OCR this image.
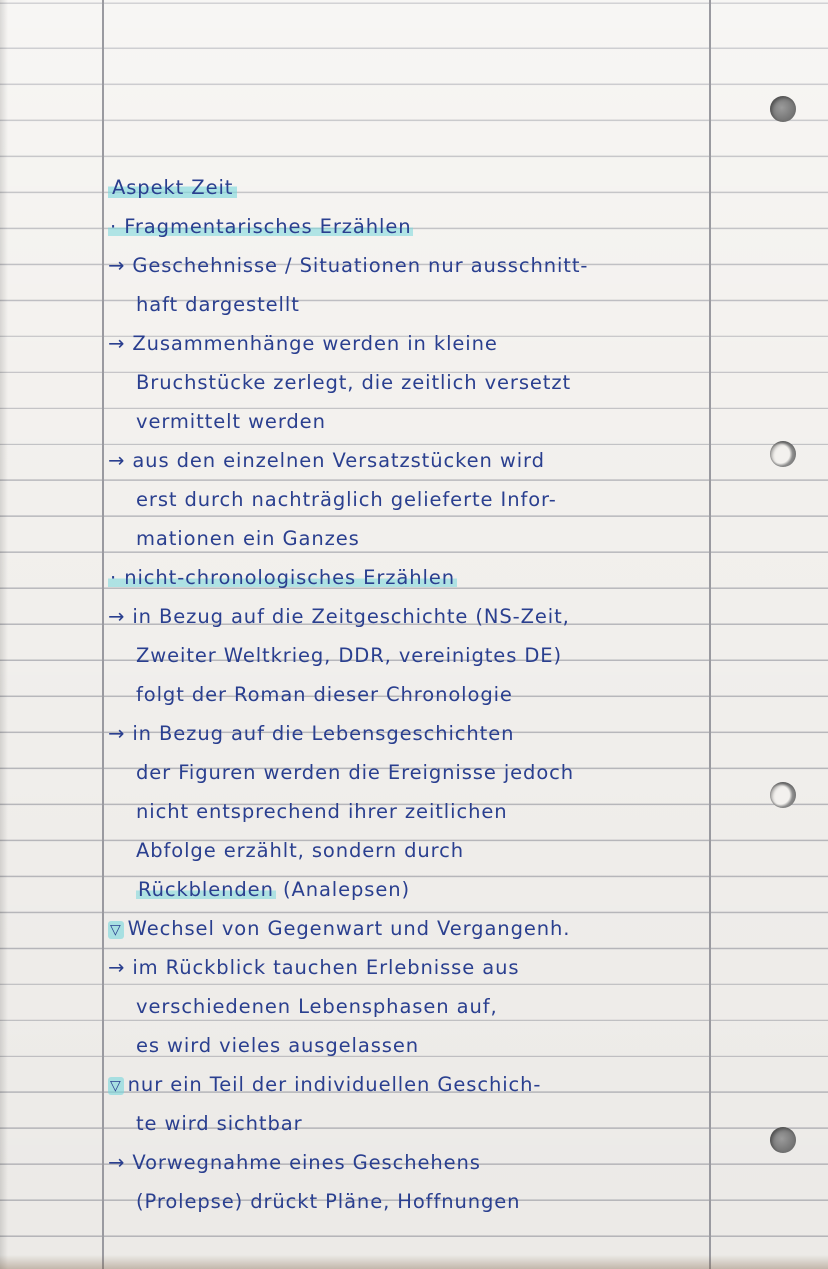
Aspekt Zeit
· Fragmentarisches Erzählen
→ Geschehnisse / Situationen nur ausschnitt-
haft dargestellt
→ Zusammenhänge werden in kleine
Bruchstücke zerlegt, die zeitlich versetzt
vermittelt werden
→ aus den einzelnen Versatzstücken wird
erst durch nachträglich gelieferte Infor-
mationen ein Ganzes
· nicht-chronologisches Erzählen
→ in Bezug auf die Zeitgeschichte (NS-Zeit,
Zweiter Weltkrieg, DDR, vereinigtes DE)
folgt der Roman dieser Chronologie
→ in Bezug auf die Lebensgeschichten
der Figuren werden die Ereignisse jedoch
nicht entsprechend ihrer zeitlichen
Abfolge erzählt, sondern durch
Rückblenden (Analepsen)
▽ Wechsel von Gegenwart und Vergangenh.
→ im Rückblick tauchen Erlebnisse aus
verschiedenen Lebensphasen auf,
es wird vieles ausgelassen
▽ nur ein Teil der individuellen Geschich-
te wird sichtbar
→ Vorwegnahme eines Geschehens
(Prolepse) drückt Pläne, Hoffnungen
